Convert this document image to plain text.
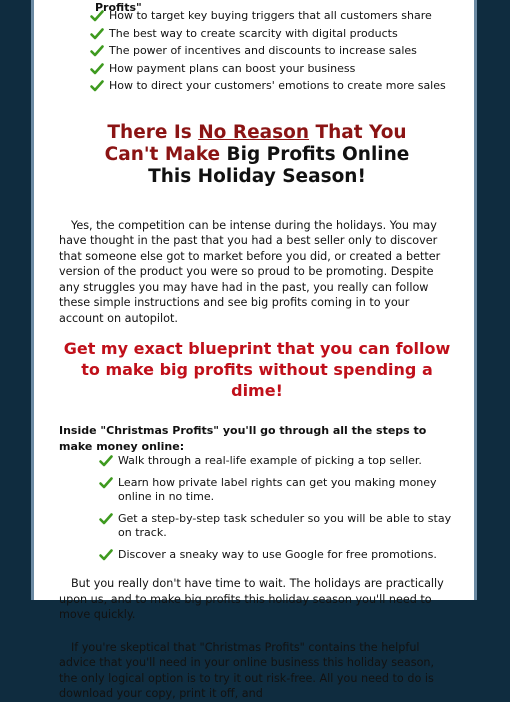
Profits"
How to target key buying triggers that all customers share
The best way to create scarcity with digital products
The power of incentives and discounts to increase sales
How payment plans can boost your business
How to direct your customers' emotions to create more sales
There Is No Reason That You
Can't Make Big Profits Online
This Holiday Season!

Yes, the competition can be intense during the holidays. You may have thought in the past that you had a best seller only to discover that someone else got to market before you did, or created a better version of the product you were so proud to be promoting. Despite any struggles you may have had in the past, you really can follow these simple instructions and see big profits coming in to your account on autopilot.

Get my exact blueprint that you can follow to make big profits without spending a dime!

Inside "Christmas Profits" you'll go through all the steps to make money online:

Walk through a real-life example of picking a top seller.
Learn how private label rights can get you making money online in no time.
Get a step-by-step task scheduler so you will be able to stay on track.
Discover a sneaky way to use Google for free promotions.

But you really don't have time to wait. The holidays are practically upon us, and to make big profits this holiday season you'll need to move quickly.

If you're skeptical that "Christmas Profits" contains the helpful advice that you'll need in your online business this holiday season, the only logical option is to try it out risk-free. All you need to do is download your copy, print it off, and
